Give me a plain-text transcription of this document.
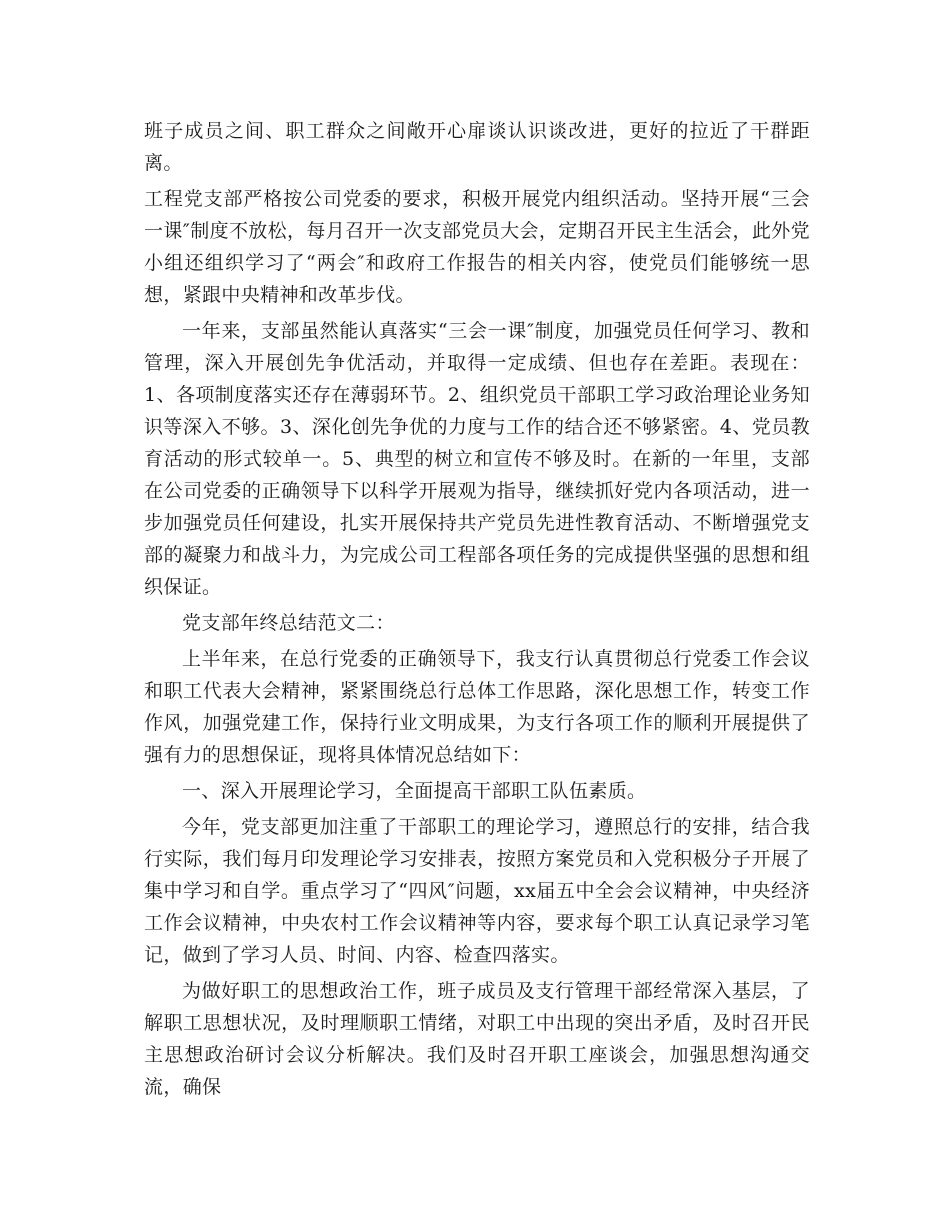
班子成员之间、职工群众之间敞开心扉谈认识谈改进，更好的拉近了干群距离。

工程党支部严格按公司党委的要求，积极开展党内组织活动。坚持开展“三会一课″制度不放松，每月召开一次支部党员大会，定期召开民主生活会，此外党小组还组织学习了“两会″和政府工作报告的相关内容，使党员们能够统一思想，紧跟中央精神和改革步伐。

一年来，支部虽然能认真落实“三会一课″制度，加强党员任何学习、教和管理，深入开展创先争优活动，并取得一定成绩、但也存在差距。表现在：1、各项制度落实还存在薄弱环节。2、组织党员干部职工学习政治理论业务知识等深入不够。3、深化创先争优的力度与工作的结合还不够紧密。4、党员教育活动的形式较单一。5、典型的树立和宣传不够及时。在新的一年里，支部在公司党委的正确领导下以科学开展观为指导，继续抓好党内各项活动，进一步加强党员任何建设，扎实开展保持共产党员先进性教育活动、不断增强党支部的凝聚力和战斗力，为完成公司工程部各项任务的完成提供坚强的思想和组织保证。

党支部年终总结范文二：

上半年来，在总行党委的正确领导下，我支行认真贯彻总行党委工作会议和职工代表大会精神，紧紧围绕总行总体工作思路，深化思想工作，转变工作作风，加强党建工作，保持行业文明成果，为支行各项工作的顺利开展提供了强有力的思想保证，现将具体情况总结如下：

一、深入开展理论学习，全面提高干部职工队伍素质。

今年，党支部更加注重了干部职工的理论学习，遵照总行的安排，结合我行实际，我们每月印发理论学习安排表，按照方案党员和入党积极分子开展了集中学习和自学。重点学习了“四风″问题，xx届五中全会会议精神，中央经济工作会议精神，中央农村工作会议精神等内容，要求每个职工认真记录学习笔记，做到了学习人员、时间、内容、检查四落实。

为做好职工的思想政治工作，班子成员及支行管理干部经常深入基层，了解职工思想状况，及时理顺职工情绪，对职工中出现的突出矛盾，及时召开民主思想政治研讨会议分析解决。我们及时召开职工座谈会，加强思想沟通交流，确保
